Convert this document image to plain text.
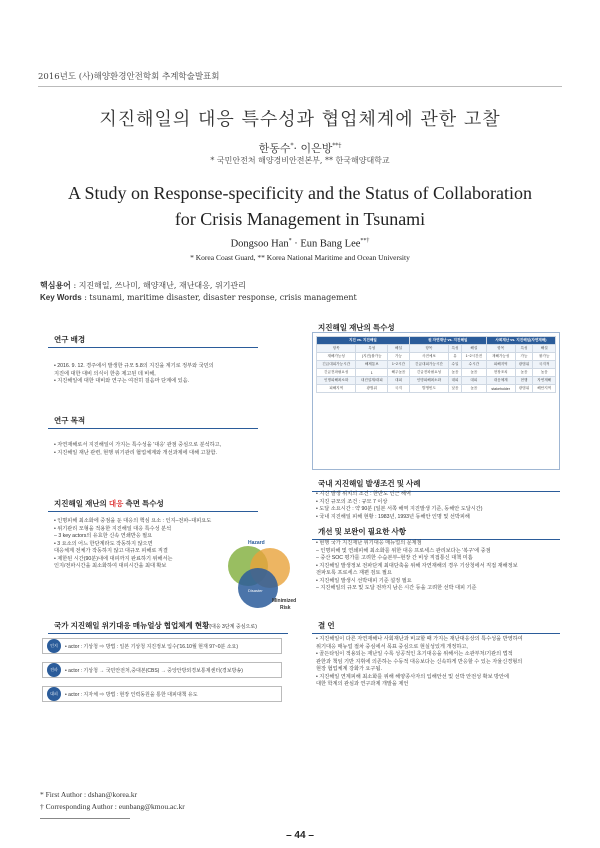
2016년도 (사)해양환경안전학회 추계학술발표회
지진해일의 대응 특수성과 협업체계에 관한 고찰
한동수*· 이은방**†
* 국민안전처 해양경비안전본부, ** 한국해양대학교
A Study on Response-specificity and the Status of Collaboration
for Crisis Management in Tsunami
Dongsoo Han* · Eun Bang Lee**†
* Korea Coast Guard, ** Korea National Maritime and Ocean University
핵심용어 : 지진해일, 쓰나미, 해양재난, 재난대응, 위기관리
Key Words : tsunami, maritime disaster, disaster response, crisis management
연구 배경
• 2016. 9. 12. 경주에서 발생한 규모 5.8의 지진을 계기로 정부와 국민의
지진에 대한 대비 의식이 한층 제고된 데 비해,
• 지진해일에 대한 대비와 연구는 여전히 걸음마 단계에 있음.
연구 목적
• 자연재해로서 지진해일이 가지는 특수성을 '대응' 관점 중심으로 분석하고,
• 지진해일 재난 관련, 현행 위기관리 협업체계와 개선과제에 대해 고찰함.
지진해일 재난의 대응 측면 특수성
• 인명피해 최소화에 중점을 둔 대응의 핵심 요소 : 인지–전파–대피요도
• 위기관리 모형을 적용한 지진해일 대응 특수성 분석
– 3 key actors의 유효한 신속 연쇄반응 필요
• 3 요소의 어느 한단계라도 작동하지 않으면
대응체계 전체가 작동하지 않고 대규모 피해로 직결
• 제한된 시간(90분)내에 대피까지 완료하기 위해서는
인지/전파시간을 최소화하여 대피시간을 최대 확보
Hazard
Disaster
Minimized
Risk
국가 지진해일 위기대응 매뉴얼상 협업체계 현황(대응 3단계 중심으로)
인지	• actor : 기상청 ⇒ 방법 : 일본 기상청 지진정보 입수('16.10월 현재 97~0분 소요)
전파	• actor : 기상청 → 국민안전처,중대본(CBS) → 중앙안방외경보통제센터(경보방송)
대피	• actor : 지자체 ⇒ 방법 : 현장 인력동원을 통한 대피대책 유도
지진해일 재난의 특수성
지진 vs. 지진해일			원 자연재난 vs. 지진해일			사회재난 vs. 지진해일(자연재해)		
항목	특성	해설	항목	특성	해설	항목	특성	해설
재해가능성	(지진)불가능	가능	사전예보	유	1~2시간전	재해가능성	가능	불가능
긴급대피가능시간	해제통보	1~2시간	긴급대피가능시간	수일	수시간	피해지역	광범위	국지적
긴급전파필요성	1	해주높음	긴급전파필요성	높음	높음	현장조치	높음	높음
인명피해최소화	내진설계/대피	대피	인명피해최소화	대피	대피	대응체계	현행	자연재해
피해지역	광범위	국지	발생빈도	낮음	높음	stakeholder	광범위	해안지역
국내 지진해일 발생조건 및 사례
• 지진 발생 위치의 조건 : 한반도 인근 해역
• 지진 규모의 조건 : 규모 7 이상
• 도달 소요시간 : 약 90분 (일본 서쪽 해역 지진발생 기준, 동해안 도달시간)
• 국내 지진해일 피해 현황 : 1983년, 1993년 동해안 인명 및 선박피해
개선 및 보완이 필요한 사항
• 현행 국가 지진재난 위기대응 매뉴얼의 문제점
– 인명피해 및 연쇄피해 최소화를 위한 대응 프로세스 관리보다는 '복구'에 중점
– 중산 SOC 평가를 고려한 수습본부–현장 간 비상 직접통신 대책 미흡
• 지진해일 발생정보 전파단계 최대단축을 위해 자연재해의 경우 기상청에서 직접 재해정보
전파토록 프로세스 재편 검토 필요
• 지진해일 발생시 선박대피 기준 설정 필요
– 지진해일의 규모 및 도달 전까지 남은 시간 등을 고려한 선박 대피 기준
결 언
• 지진해일이 다른 자연재해나 사회재난과 비교할 때 가지는 재난대응상의 특수성을 반영하여
위기대응 매뉴얼 절차 중심에서 목표 중심으로 현실성있게 개정하고,
• 골든타임이 적용되는 재난일 수록 성공적인 초기대응을 위해서는 소관부처/기관의 법적
관한과 책임 기반 지휘에 의존하는 수동적 대응보다는 신속하게 반응할 수 있는 자율신경형의
현장 협업체계 강화가 요구됨.
• 지진해일 연계피해 최소화를 위해 해양종사자의 입해안선 및 선박 안전성 확보 방안에
대한 학계의 관심과 연구과제 개발을 제언
* First Author : dshan@korea.kr
† Corresponding Author : eunbang@kmou.ac.kr
– 44 –
